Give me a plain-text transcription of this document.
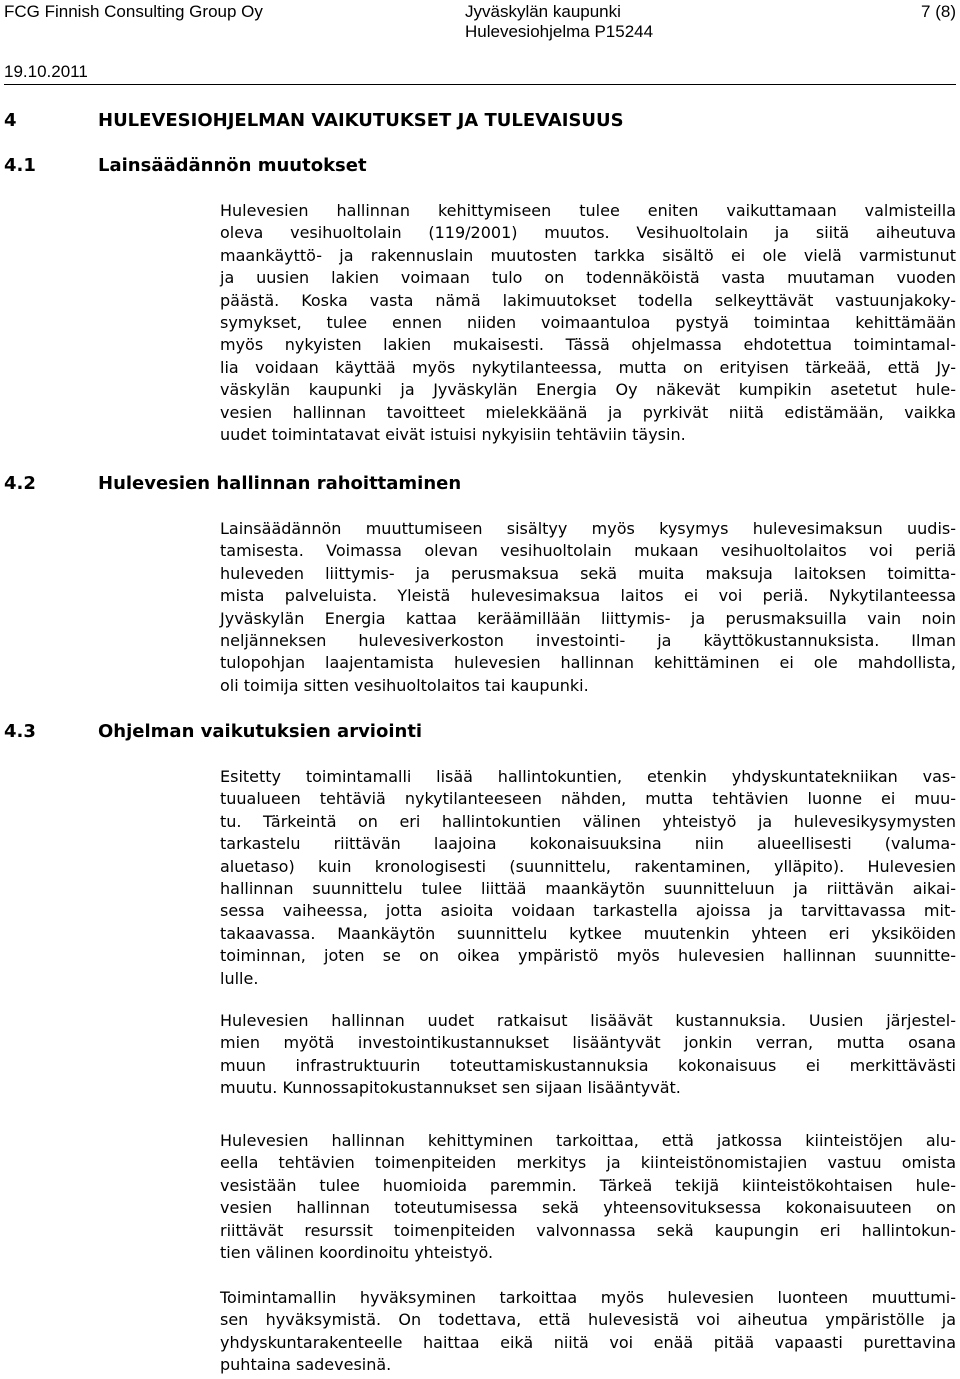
FCG Finnish Consulting Group Oy	Jyväskylän kaupunki
Hulevesiohjelma P15244
7 (8)
19.10.2011
4	HULEVESIOHJELMAN VAIKUTUKSET JA TULEVAISUUS
4.1	Lainsäädännön muutokset
Hulevesien hallinnan kehittymiseen tulee eniten vaikuttamaan valmisteilla
oleva vesihuoltolain (119/2001) muutos. Vesihuoltolain ja siitä aiheutuva
maankäyttö- ja rakennuslain muutosten tarkka sisältö ei ole vielä varmistunut
ja uusien lakien voimaan tulo on todennäköistä vasta muutaman vuoden
päästä. Koska vasta nämä lakimuutokset todella selkeyttävät vastuunjakoky-
symykset, tulee ennen niiden voimaantuloa pystyä toimintaa kehittämään
myös nykyisten lakien mukaisesti. Tässä ohjelmassa ehdotettua toimintamal-
lia voidaan käyttää myös nykytilanteessa, mutta on erityisen tärkeää, että Jy-
väskylän kaupunki ja Jyväskylän Energia Oy näkevät kumpikin asetetut hule-
vesien hallinnan tavoitteet mielekkäänä ja pyrkivät niitä edistämään, vaikka
uudet toimintatavat eivät istuisi nykyisiin tehtäviin täysin.
4.2	Hulevesien hallinnan rahoittaminen
Lainsäädännön muuttumiseen sisältyy myös kysymys hulevesimaksun uudis-
tamisesta. Voimassa olevan vesihuoltolain mukaan vesihuoltolaitos voi periä
huleveden liittymis- ja perusmaksua sekä muita maksuja laitoksen toimitta-
mista palveluista. Yleistä hulevesimaksua laitos ei voi periä. Nykytilanteessa
Jyväskylän Energia kattaa keräämillään liittymis- ja perusmaksuilla vain noin
neljänneksen hulevesiverkoston investointi- ja käyttökustannuksista. Ilman
tulopohjan laajentamista hulevesien hallinnan kehittäminen ei ole mahdollista,
oli toimija sitten vesihuoltolaitos tai kaupunki.
4.3	Ohjelman vaikutuksien arviointi
Esitetty toimintamalli lisää hallintokuntien, etenkin yhdyskuntatekniikan vas-
tuualueen tehtäviä nykytilanteeseen nähden, mutta tehtävien luonne ei muu-
tu. Tärkeintä on eri hallintokuntien välinen yhteistyö ja hulevesikysymysten
tarkastelu riittävän laajoina kokonaisuuksina niin alueellisesti (valuma-
aluetaso) kuin kronologisesti (suunnittelu, rakentaminen, ylläpito). Hulevesien
hallinnan suunnittelu tulee liittää maankäytön suunnitteluun ja riittävän aikai-
sessa vaiheessa, jotta asioita voidaan tarkastella ajoissa ja tarvittavassa mit-
takaavassa. Maankäytön suunnittelu kytkee muutenkin yhteen eri yksiköiden
toiminnan, joten se on oikea ympäristö myös hulevesien hallinnan suunnitte-
lulle.
Hulevesien hallinnan uudet ratkaisut lisäävät kustannuksia. Uusien järjestel-
mien myötä investointikustannukset lisääntyvät jonkin verran, mutta osana
muun infrastruktuurin toteuttamiskustannuksia kokonaisuus ei merkittävästi
muutu. Kunnossapitokustannukset sen sijaan lisääntyvät.
Hulevesien hallinnan kehittyminen tarkoittaa, että jatkossa kiinteistöjen alu-
eella tehtävien toimenpiteiden merkitys ja kiinteistönomistajien vastuu omista
vesistään tulee huomioida paremmin. Tärkeä tekijä kiinteistökohtaisen hule-
vesien hallinnan toteutumisessa sekä yhteensovituksessa kokonaisuuteen on
riittävät resurssit toimenpiteiden valvonnassa sekä kaupungin eri hallintokun-
tien välinen koordinoitu yhteistyö.
Toimintamallin hyväksyminen tarkoittaa myös hulevesien luonteen muuttumi-
sen hyväksymistä. On todettava, että hulevesistä voi aiheutua ympäristölle ja
yhdyskuntarakenteelle haittaa eikä niitä voi enää pitää vapaasti purettavina
puhtaina sadevesinä.
